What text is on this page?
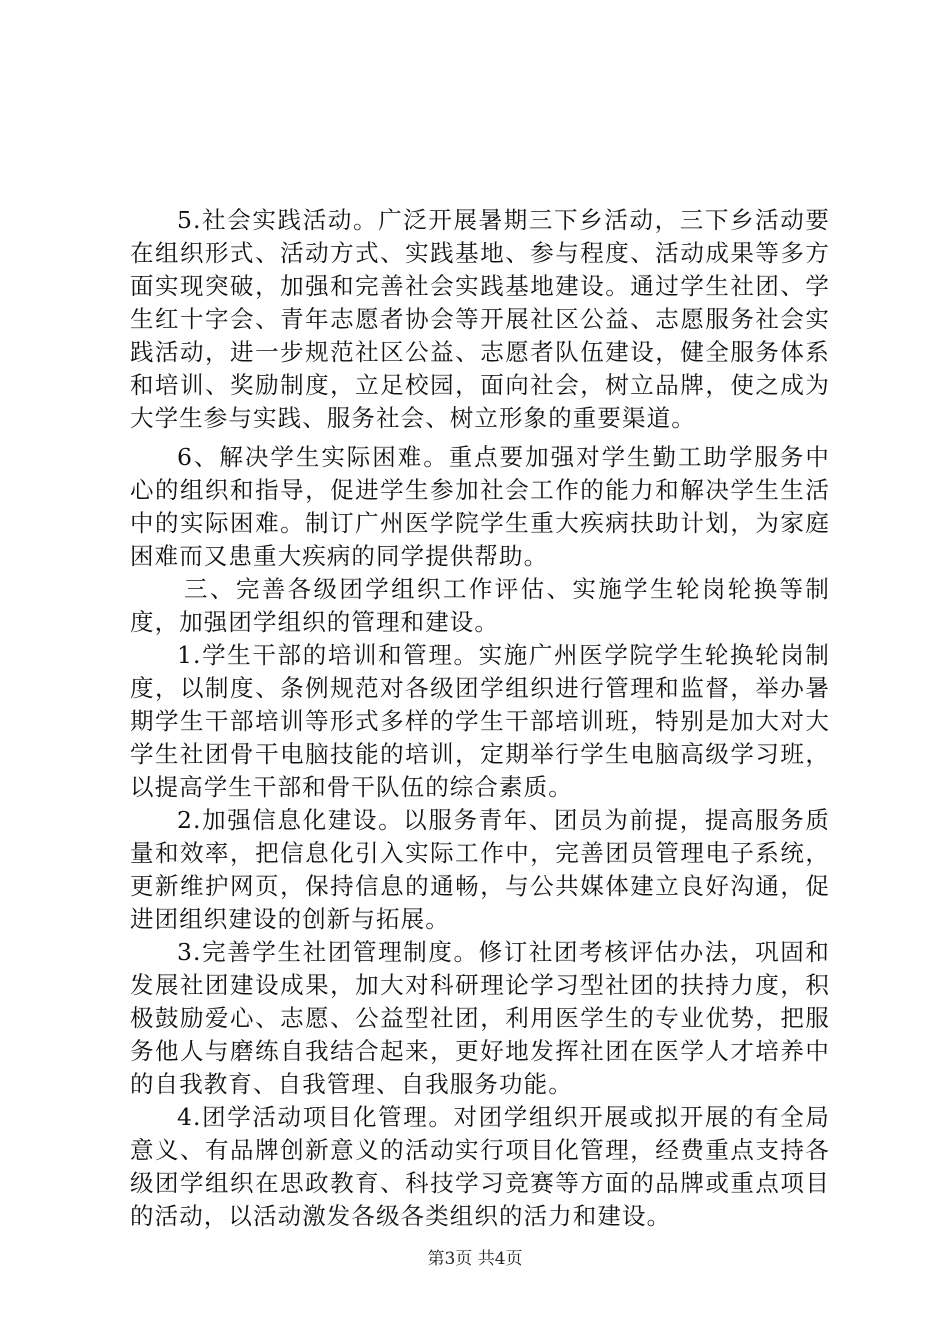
5.社会实践活动。广泛开展暑期三下乡活动，三下乡活动要在组织形式、活动方式、实践基地、参与程度、活动成果等多方面实现突破，加强和完善社会实践基地建设。通过学生社团、学生红十字会、青年志愿者协会等开展社区公益、志愿服务社会实践活动，进一步规范社区公益、志愿者队伍建设，健全服务体系和培训、奖励制度，立足校园，面向社会，树立品牌，使之成为大学生参与实践、服务社会、树立形象的重要渠道。

6、解决学生实际困难。重点要加强对学生勤工助学服务中心的组织和指导，促进学生参加社会工作的能力和解决学生生活中的实际困难。制订广州医学院学生重大疾病扶助计划，为家庭困难而又患重大疾病的同学提供帮助。

三、完善各级团学组织工作评估、实施学生轮岗轮换等制度，加强团学组织的管理和建设。

1.学生干部的培训和管理。实施广州医学院学生轮换轮岗制度，以制度、条例规范对各级团学组织进行管理和监督，举办暑期学生干部培训等形式多样的学生干部培训班，特别是加大对大学生社团骨干电脑技能的培训，定期举行学生电脑高级学习班，以提高学生干部和骨干队伍的综合素质。

2.加强信息化建设。以服务青年、团员为前提，提高服务质量和效率，把信息化引入实际工作中，完善团员管理电子系统，更新维护网页，保持信息的通畅，与公共媒体建立良好沟通，促进团组织建设的创新与拓展。

3.完善学生社团管理制度。修订社团考核评估办法，巩固和发展社团建设成果，加大对科研理论学习型社团的扶持力度，积极鼓励爱心、志愿、公益型社团，利用医学生的专业优势，把服务他人与磨练自我结合起来，更好地发挥社团在医学人才培养中的自我教育、自我管理、自我服务功能。

4.团学活动项目化管理。对团学组织开展或拟开展的有全局意义、有品牌创新意义的活动实行项目化管理，经费重点支持各级团学组织在思政教育、科技学习竞赛等方面的品牌或重点项目的活动，以活动激发各级各类组织的活力和建设。

第3页 共4页
